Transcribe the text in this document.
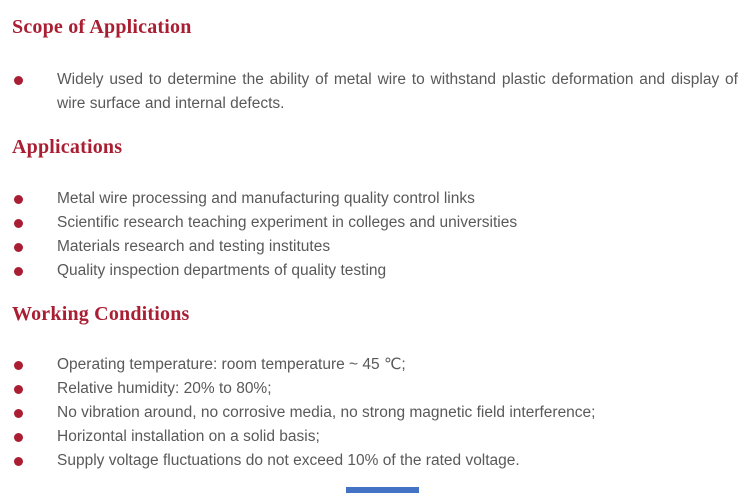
Scope of Application
Widely used to determine the ability of metal wire to withstand plastic deformation and display of wire surface and internal defects.
Applications
Metal wire processing and manufacturing quality control links
Scientific research teaching experiment in colleges and universities
Materials research and testing institutes
Quality inspection departments of quality testing
Working Conditions
Operating temperature: room temperature ~ 45 ℃;
Relative humidity: 20% to 80%;
No vibration around, no corrosive media, no strong magnetic field interference;
Horizontal installation on a solid basis;
Supply voltage fluctuations do not exceed 10% of the rated voltage.
